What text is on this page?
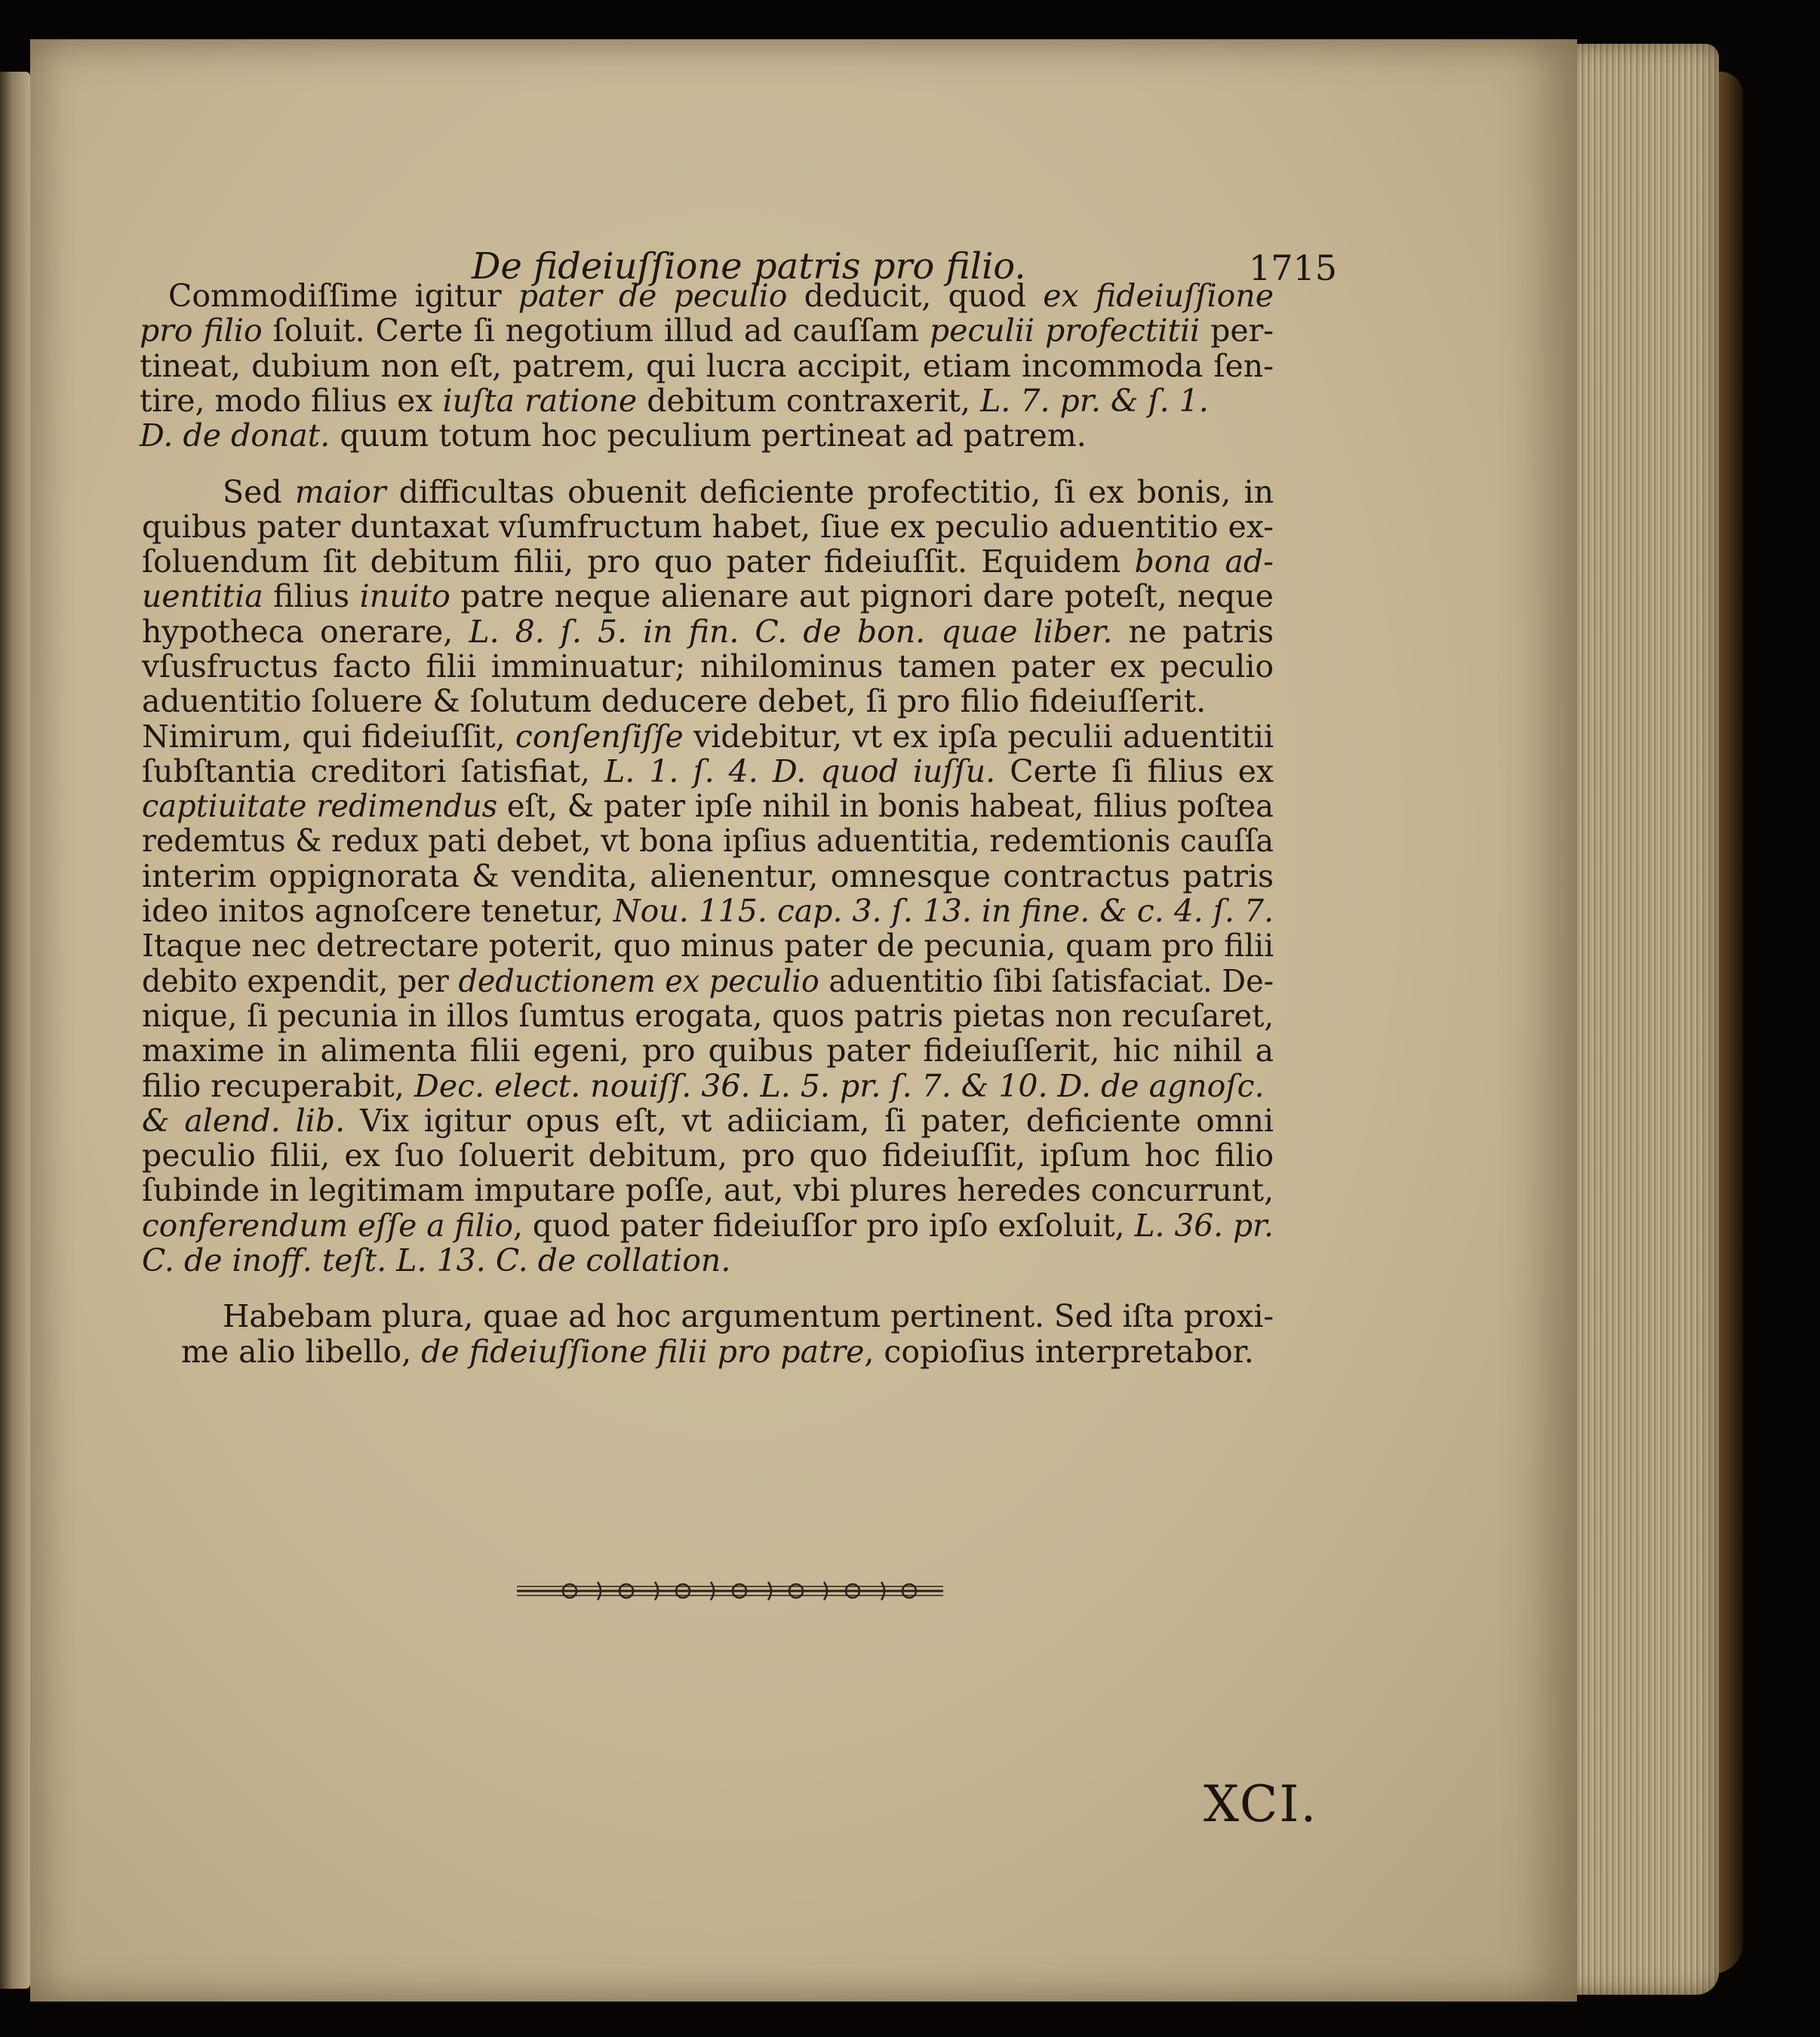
De fideiuſſione patris pro filio.	1715
Commodiſſime igitur pater de peculio deducit, quod ex fideiuſſione
pro filio ſoluit. Certe ſi negotium illud ad cauſſam peculii profectitii per-
tineat, dubium non eſt, patrem, qui lucra accipit, etiam incommoda ſen-
tire, modo filius ex iuſta ratione debitum contraxerit, L. 7. pr. & ſ. 1.
D. de donat. quum totum hoc peculium pertineat ad patrem.
Sed maior difficultas obuenit deficiente profectitio, ſi ex bonis, in
quibus pater duntaxat vſumfructum habet, ſiue ex peculio aduentitio ex-
ſoluendum ſit debitum filii, pro quo pater fideiuſſit. Equidem bona ad-
uentitia filius inuito patre neque alienare aut pignori dare poteſt, neque
hypotheca onerare, L. 8. ſ. 5. in fin. C. de bon. quae liber. ne patris
vſusfructus facto filii imminuatur; nihilominus tamen pater ex peculio
aduentitio ſoluere & ſolutum deducere debet, ſi pro filio fideiuſſerit.
Nimirum, qui fideiuſſit, conſenſiſſe videbitur, vt ex ipſa peculii aduentitii
ſubſtantia creditori ſatisfiat, L. 1. ſ. 4. D. quod iuſſu. Certe ſi filius ex
captiuitate redimendus eſt, & pater ipſe nihil in bonis habeat, filius poſtea
redemtus & redux pati debet, vt bona ipſius aduentitia, redemtionis cauſſa
interim oppignorata & vendita, alienentur, omnesque contractus patris
ideo initos agnoſcere tenetur, Nou. 115. cap. 3. ſ. 13. in fine. & c. 4. ſ. 7.
Itaque nec detrectare poterit, quo minus pater de pecunia, quam pro filii
debito expendit, per deductionem ex peculio aduentitio ſibi ſatisfaciat. De-
nique, ſi pecunia in illos ſumtus erogata, quos patris pietas non recuſaret,
maxime in alimenta filii egeni, pro quibus pater fideiuſſerit, hic nihil a
filio recuperabit, Dec. elect. nouiſſ. 36. L. 5. pr. ſ. 7. & 10. D. de agnoſc.
& alend. lib. Vix igitur opus eſt, vt adiiciam, ſi pater, deficiente omni
peculio filii, ex ſuo ſoluerit debitum, pro quo fideiuſſit, ipſum hoc filio
ſubinde in legitimam imputare poſſe, aut, vbi plures heredes concurrunt,
conferendum eſſe a filio, quod pater fideiuſſor pro ipſo exſoluit, L. 36. pr.
C. de inoff. teſt. L. 13. C. de collation.
Habebam plura, quae ad hoc argumentum pertinent. Sed iſta proxi-
me alio libello, de fideiuſſione filii pro patre, copioſius interpretabor.
XCI.
